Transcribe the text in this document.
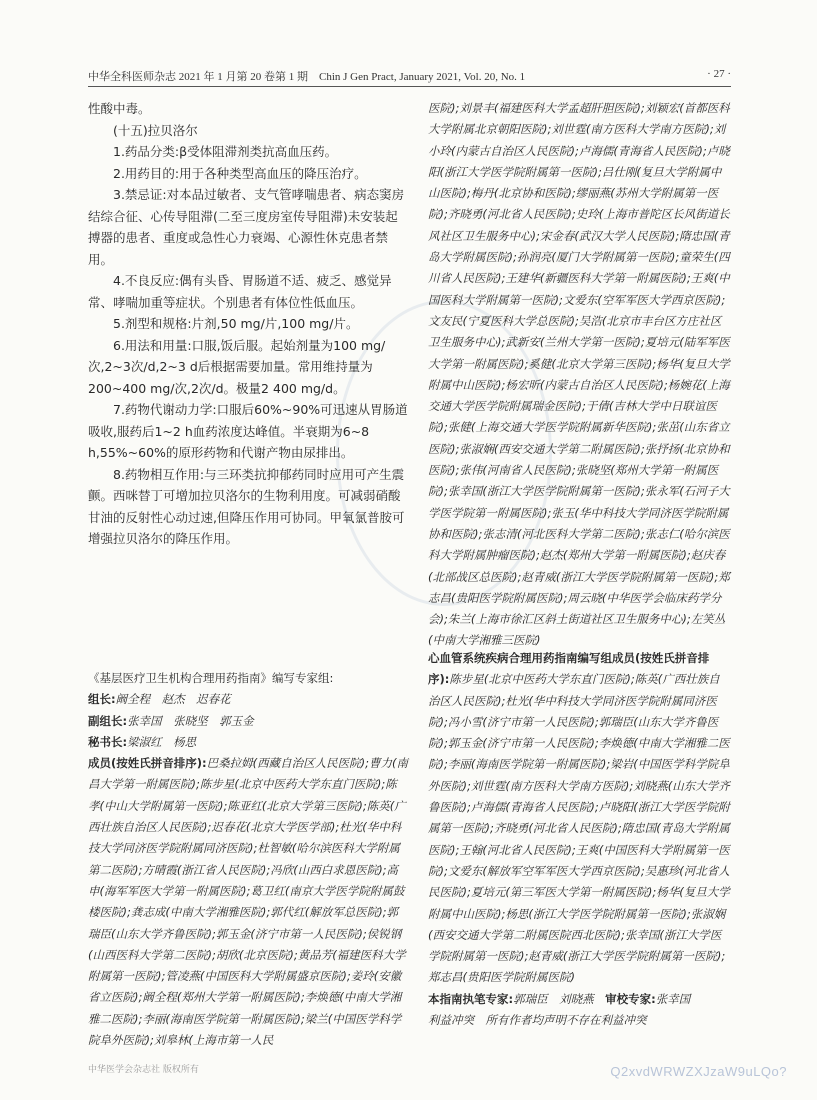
中华全科医师杂志 2021 年 1 月第 20 卷第 1 期　Chin J Gen Pract, January 2021, Vol. 20, No. 1	· 27 ·

性酸中毒。

(十五)拉贝洛尔

1.药品分类:β受体阻滞剂类抗高血压药。

2.用药目的:用于各种类型高血压的降压治疗。

3.禁忌证:对本品过敏者、支气管哮喘患者、病态窦房结综合征、心传导阻滞(二至三度房室传导阻滞)未安装起搏器的患者、重度或急性心力衰竭、心源性休克患者禁用。

4.不良反应:偶有头昏、胃肠道不适、疲乏、感觉异常、哮喘加重等症状。个别患者有体位性低血压。

5.剂型和规格:片剂,50 mg/片,100 mg/片。

6.用法和用量:口服,饭后服。起始剂量为100 mg/次,2~3次/d,2~3 d后根据需要加量。常用维持量为200~400 mg/次,2次/d。极量2 400 mg/d。

7.药物代谢动力学:口服后60%~90%可迅速从胃肠道吸收,服药后1~2 h血药浓度达峰值。半衰期为6~8 h,55%~60%的原形药物和代谢产物由尿排出。

8.药物相互作用:与三环类抗抑郁药同时应用可产生震颤。西咪替丁可增加拉贝洛尔的生物利用度。可减弱硝酸甘油的反射性心动过速,但降压作用可协同。甲氧氯普胺可增强拉贝洛尔的降压作用。

医院);刘景丰(福建医科大学孟超肝胆医院);刘颖宏(首都医科大学附属北京朝阳医院);刘世霆(南方医科大学南方医院);刘小玲(内蒙古自治区人民医院);卢海儒(青海省人民医院);卢晓阳(浙江大学医学院附属第一医院);吕仕刚(复旦大学附属中山医院);梅丹(北京协和医院);缪丽燕(苏州大学附属第一医院);齐晓勇(河北省人民医院);史玲(上海市普陀区长风街道长风社区卫生服务中心);宋金春(武汉大学人民医院);隋忠国(青岛大学附属医院);孙润亮(厦门大学附属第一医院);童荣生(四川省人民医院);王建华(新疆医科大学第一附属医院);王爽(中国医科大学附属第一医院);文爱东(空军军医大学西京医院);文友民(宁夏医科大学总医院);吴浩(北京市丰台区方庄社区卫生服务中心);武新安(兰州大学第一医院);夏培元(陆军军医大学第一附属医院);奚健(北京大学第三医院);杨华(复旦大学附属中山医院);杨宏昕(内蒙古自治区人民医院);杨婉花(上海交通大学医学院附属瑞金医院);于倩(吉林大学中日联谊医院);张健(上海交通大学医学院附属新华医院);张茁(山东省立医院);张淑娴(西安交通大学第二附属医院);张抒扬(北京协和医院);张伟(河南省人民医院);张晓坚(郑州大学第一附属医院);张幸国(浙江大学医学院附属第一医院);张永军(石河子大学医学院第一附属医院);张玉(华中科技大学同济医学院附属协和医院);张志清(河北医科大学第二医院);张志仁(哈尔滨医科大学附属肿瘤医院);赵杰(郑州大学第一附属医院);赵庆春(北部战区总医院);赵青威(浙江大学医学院附属第一医院);郑志昌(贵阳医学院附属医院);周云晓(中华医学会临床药学分会);朱兰(上海市徐汇区斜土街道社区卫生服务中心);左笑丛(中南大学湘雅三医院)

《基层医疗卫生机构合理用药指南》编写专家组:

组长:阚全程　赵杰　迟春花

副组长:张幸国　张晓坚　郭玉金

秘书长:梁淑红　杨思

成员(按姓氏拼音排序):巴桑拉姆(西藏自治区人民医院);曹力(南昌大学第一附属医院);陈步星(北京中医药大学东直门医院);陈孝(中山大学附属第一医院);陈亚红(北京大学第三医院);陈英(广西壮族自治区人民医院);迟春花(北京大学医学部);杜光(华中科技大学同济医学院附属同济医院);杜智敏(哈尔滨医科大学附属第二医院);方晴霞(浙江省人民医院);冯欣(山西白求恩医院);高申(海军军医大学第一附属医院);葛卫红(南京大学医学院附属鼓楼医院);龚志成(中南大学湘雅医院);郭代红(解放军总医院);郭瑞臣(山东大学齐鲁医院);郭玉金(济宁市第一人民医院);侯锐钢(山西医科大学第二医院);胡欣(北京医院);黄品芳(福建医科大学附属第一医院);管凌燕(中国医科大学附属盛京医院);姜玲(安徽省立医院);阚全程(郑州大学第一附属医院);李焕德(中南大学湘雅二医院);李丽(海南医学院第一附属医院);梁兰(中国医学科学院阜外医院);刘皋林(上海市第一人民

心血管系统疾病合理用药指南编写组成员(按姓氏拼音排序):陈步星(北京中医药大学东直门医院);陈英(广西壮族自治区人民医院);杜光(华中科技大学同济医学院附属同济医院);冯小雪(济宁市第一人民医院);郭瑞臣(山东大学齐鲁医院);郭玉金(济宁市第一人民医院);李焕德(中南大学湘雅二医院);李丽(海南医学院第一附属医院);梁岩(中国医学科学院阜外医院);刘世霆(南方医科大学南方医院);刘晓燕(山东大学齐鲁医院);卢海儒(青海省人民医院);卢晓阳(浙江大学医学院附属第一医院);齐晓勇(河北省人民医院);隋忠国(青岛大学附属医院);王翰(河北省人民医院);王爽(中国医科大学附属第一医院);文爱东(解放军空军军医大学西京医院);吴惠珍(河北省人民医院);夏培元(第三军医大学第一附属医院);杨华(复旦大学附属中山医院);杨思(浙江大学医学院附属第一医院);张淑娴(西安交通大学第二附属医院西北医院);张幸国(浙江大学医学院附属第一医院);赵青威(浙江大学医学院附属第一医院);郑志昌(贵阳医学院附属医院)

本指南执笔专家:郭瑞臣　刘晓燕　 审校专家:张幸国

利益冲突　所有作者均声明不存在利益冲突

中华医学会杂志社 版权所有	Q2xvdWRWZXJzaW9uLQo?
